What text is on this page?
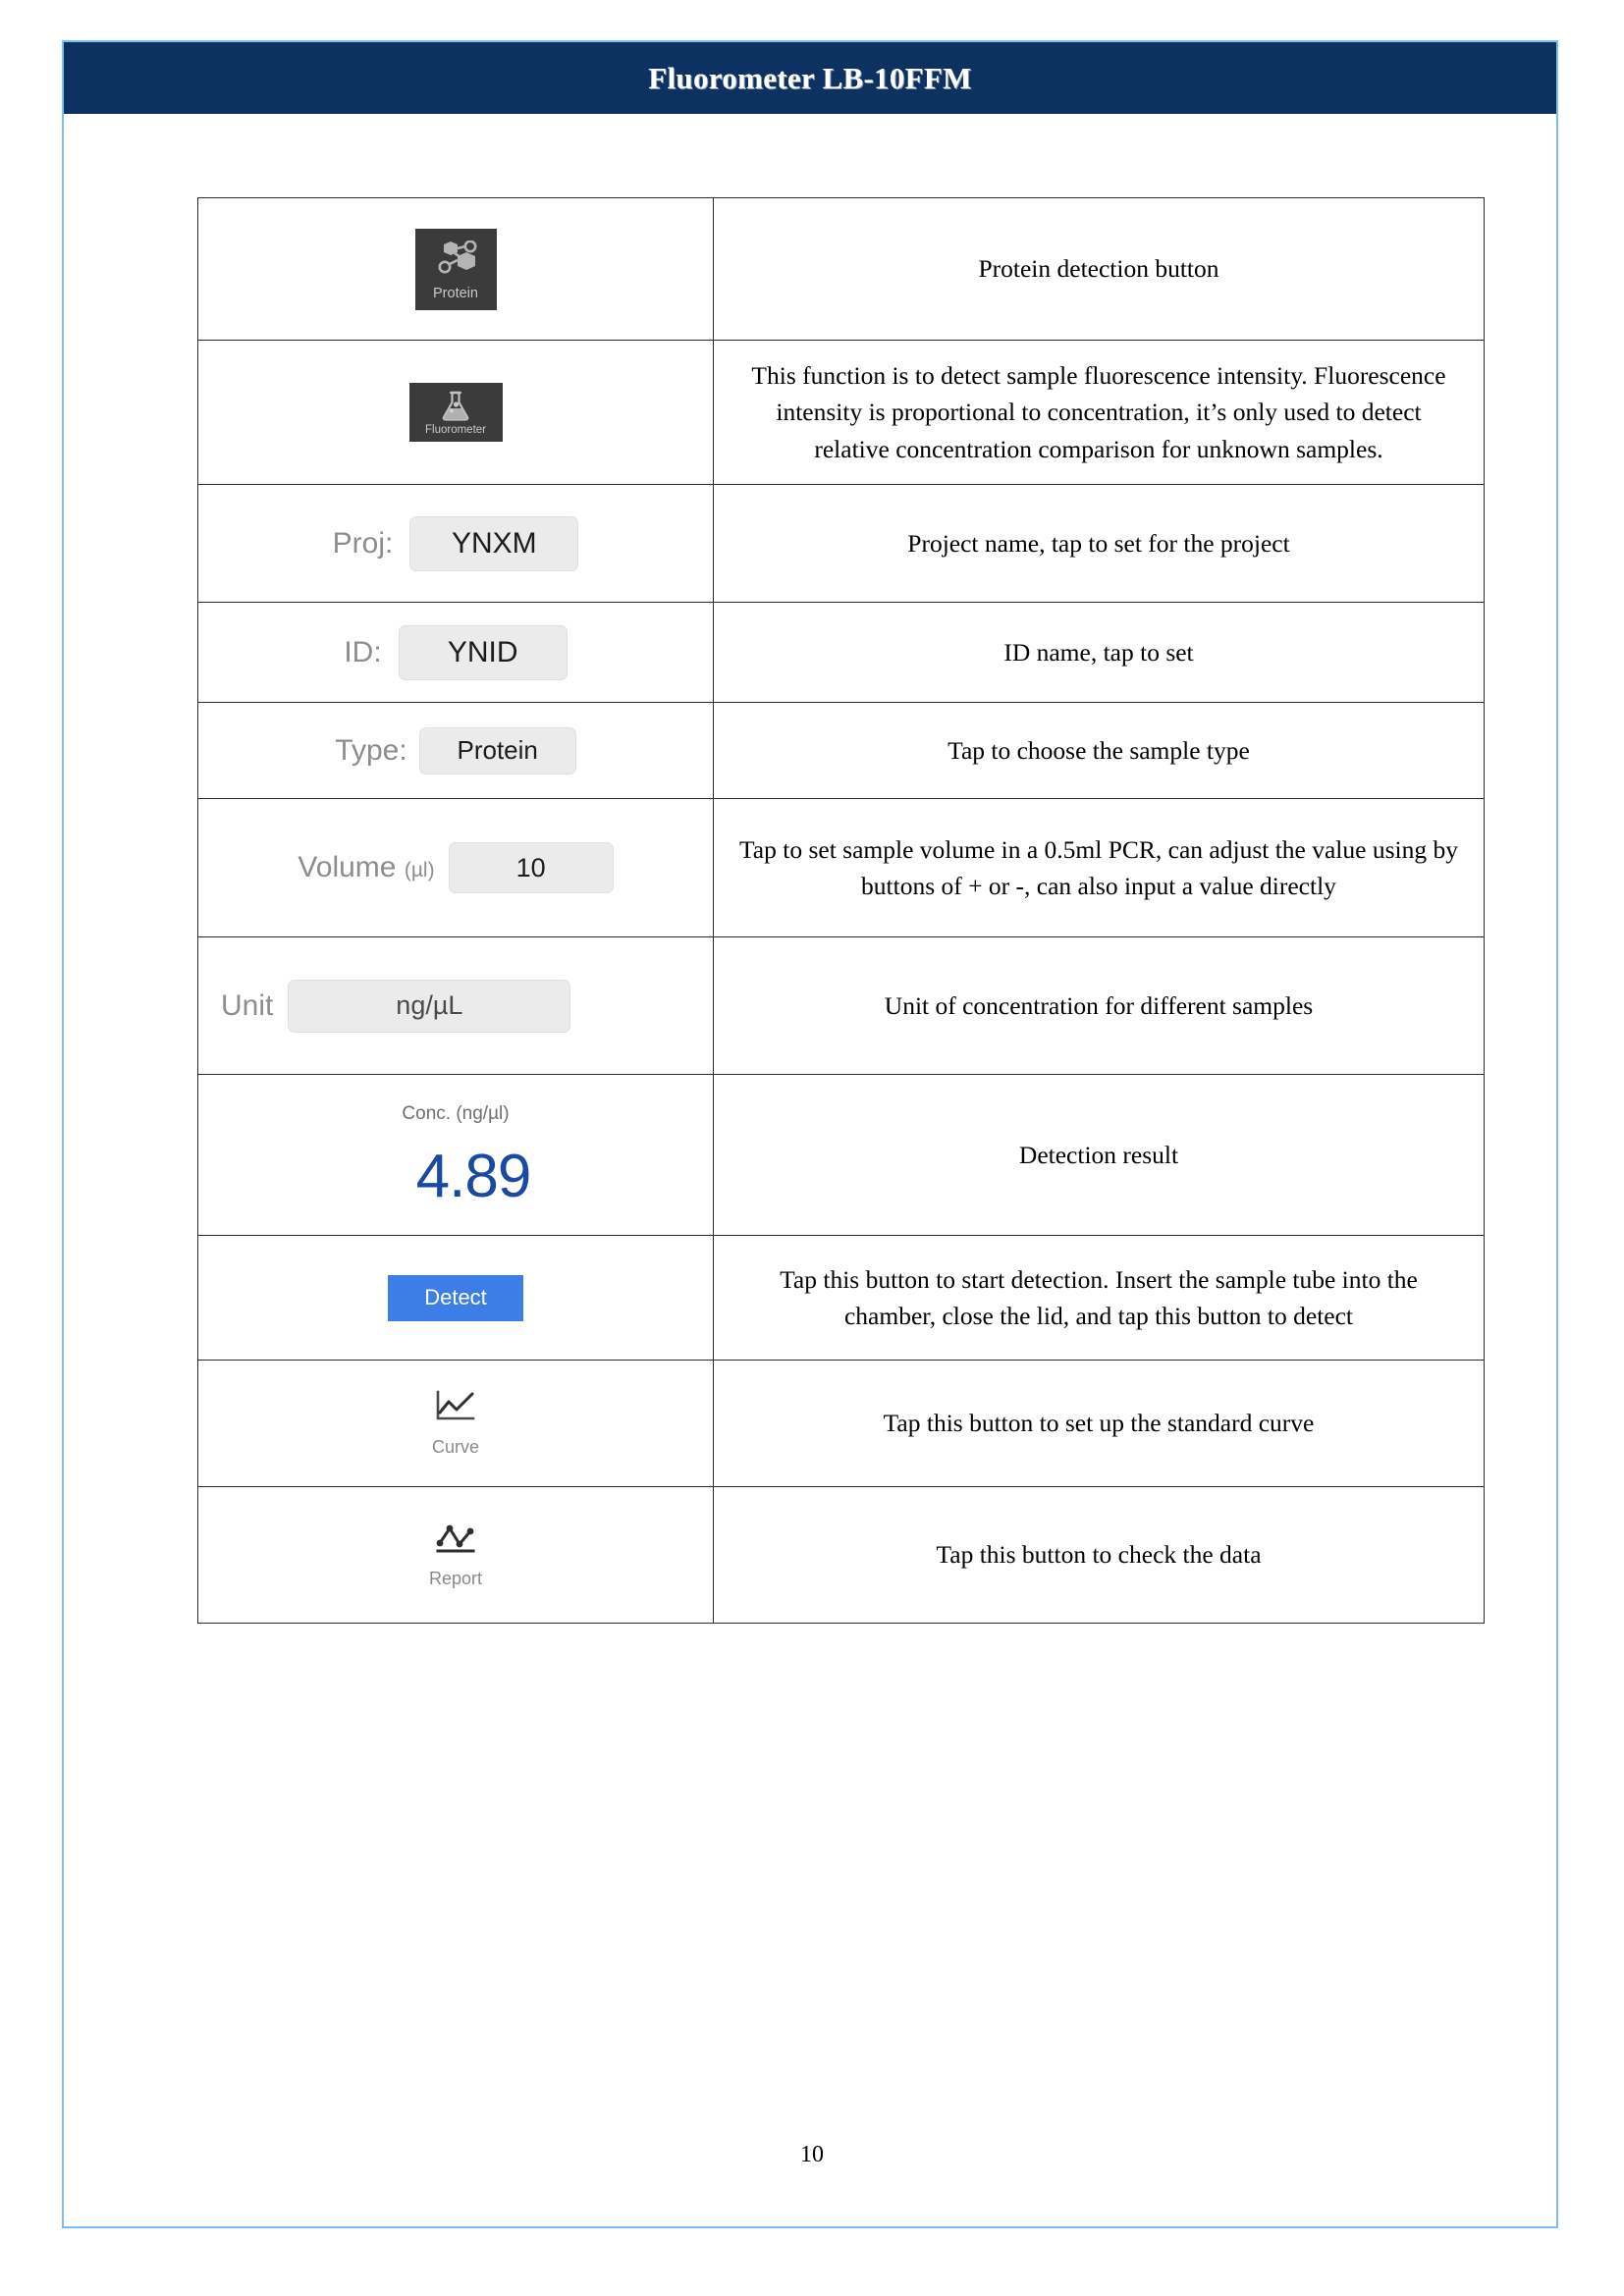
Fluorometer LB-10FFM
Protein	Protein detection button

Fluorometer	This function is to detect sample fluorescence intensity. Fluorescence intensity is proportional to concentration, it’s only used to detect relative concentration comparison for unknown samples.

Proj: YNXM	Project name, tap to set for the project

ID: YNID	ID name, tap to set

Type: Protein	Tap to choose the sample type

Volume (µl) 10	Tap to set sample volume in a 0.5ml PCR, can adjust the value using by buttons of + or -, can also input a value directly

Unit ng/µL	Unit of concentration for different samples

Conc. (ng/µl)
4.89	Detection result

Detect	Tap this button to start detection. Insert the sample tube into the chamber, close the lid, and tap this button to detect

Curve	Tap this button to set up the standard curve

Report	Tap this button to check the data
10
